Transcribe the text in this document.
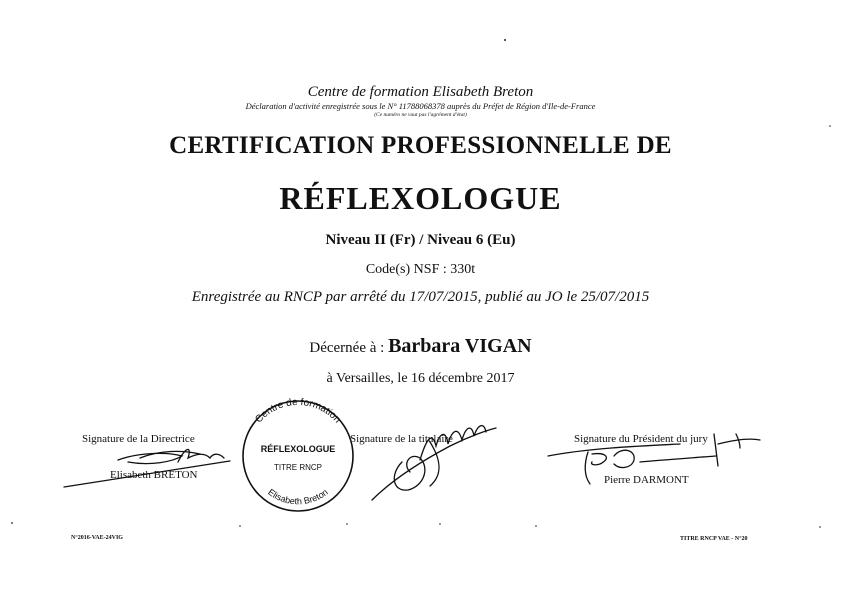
Centre de formation Elisabeth Breton
Déclaration d'activité enregistrée sous le N° 11788068378 auprès du Préfet de Région d'Ile-de-France
(Ce numéro ne vaut pas l'agrément d'état)
CERTIFICATION PROFESSIONNELLE DE
RÉFLEXOLOGUE
Niveau II (Fr) / Niveau 6 (Eu)
Code(s) NSF : 330t
Enregistrée au RNCP par arrêté du 17/07/2015, publié au JO le 25/07/2015
Décernée à : Barbara VIGAN
à Versailles, le 16 décembre 2017
Signature de la Directrice
Elisabeth BRETON
Signature de la titulaire	Signature du Président du jury
Pierre DARMONT
Centre de formation
Elisabeth Breton
RÉFLEXOLOGUE
TITRE RNCP
N°2016-VAE-24VIG	TITRE RNCP VAE - N°20
